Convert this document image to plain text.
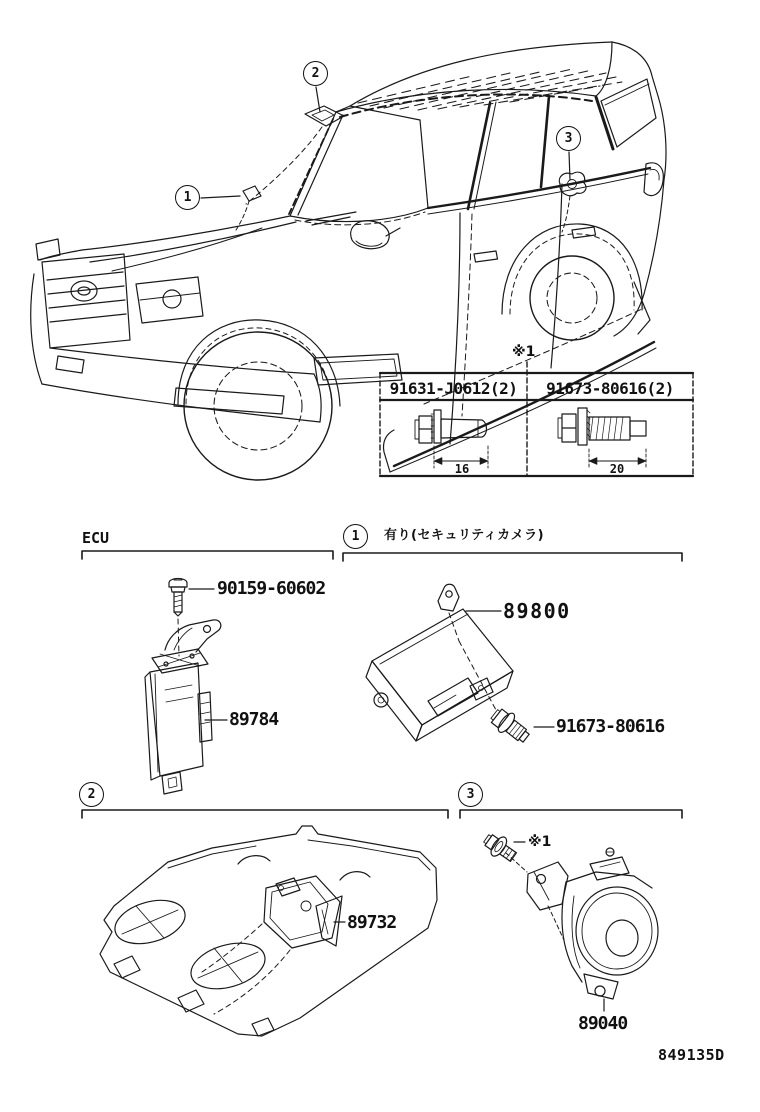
1
2
3
※1
91631-J0612(2)	91673-80616(2)
16	20
ECU
90159-60602
89784
1 有り(セキュリティカメラ)
89800
91673-80616
2
89732
3
※1
89040
849135D
